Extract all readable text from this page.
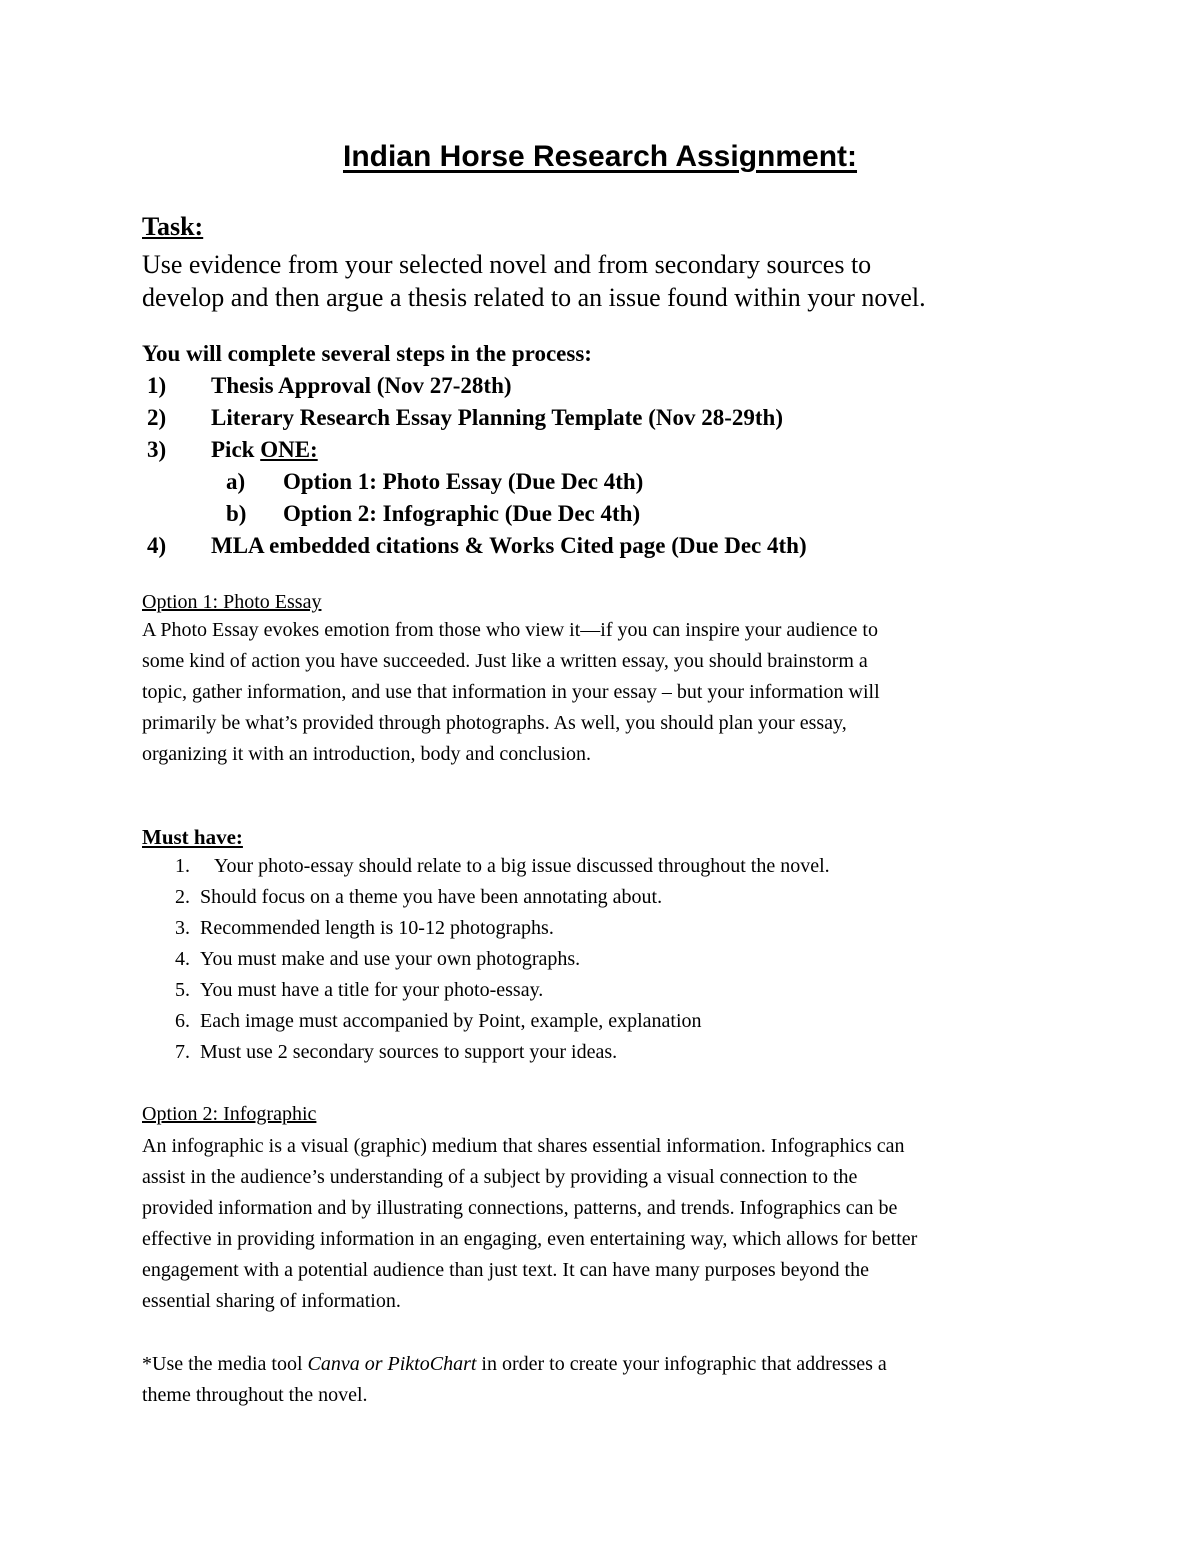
Indian Horse Research Assignment:
Task:
Use evidence from your selected novel and from secondary sources to
develop and then argue a thesis related to an issue found within your novel.
You will complete several steps in the process:
1) Thesis Approval (Nov 27-28th)
2) Literary Research Essay Planning Template (Nov 28-29th)
3) Pick ONE:
a) Option 1: Photo Essay (Due Dec 4th)
b) Option 2: Infographic (Due Dec 4th)
4) MLA embedded citations & Works Cited page (Due Dec 4th)
Option 1: Photo Essay
A Photo Essay evokes emotion from those who view it—if you can inspire your audience to
some kind of action you have succeeded. Just like a written essay, you should brainstorm a
topic, gather information, and use that information in your essay – but your information will
primarily be what’s provided through photographs. As well, you should plan your essay,
organizing it with an introduction, body and conclusion.
Must have:
1. Your photo-essay should relate to a big issue discussed throughout the novel.
2. Should focus on a theme you have been annotating about.
3. Recommended length is 10-12 photographs.
4. You must make and use your own photographs.
5. You must have a title for your photo-essay.
6. Each image must accompanied by Point, example, explanation
7. Must use 2 secondary sources to support your ideas.
Option 2: Infographic
An infographic is a visual (graphic) medium that shares essential information. Infographics can
assist in the audience’s understanding of a subject by providing a visual connection to the
provided information and by illustrating connections, patterns, and trends. Infographics can be
effective in providing information in an engaging, even entertaining way, which allows for better
engagement with a potential audience than just text. It can have many purposes beyond the
essential sharing of information.
*Use the media tool Canva or PiktoChart in order to create your infographic that addresses a
theme throughout the novel.
